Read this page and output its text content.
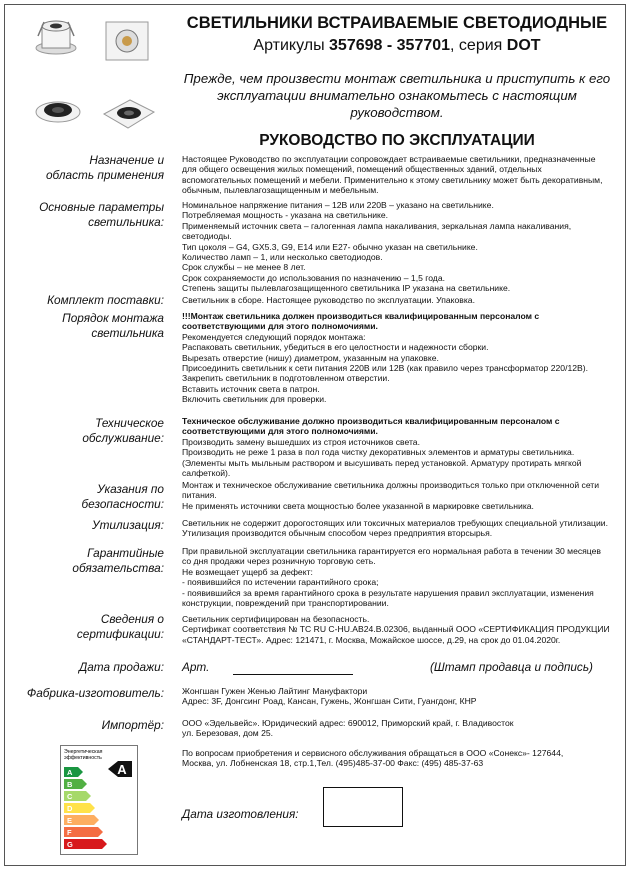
СВЕТИЛЬНИКИ ВСТРАИВАЕМЫЕ СВЕТОДИОДНЫЕ
Артикулы 357698 - 357701, серия DOT
Прежде, чем произвести монтаж светильника и приступить к его эксплуатации внимательно ознакомьтесь с настоящим руководством.
РУКОВОДСТВО ПО ЭКСПЛУАТАЦИИ
Назначение и область применения

Настоящее Руководство по эксплуатации сопровождает встраиваемые светильники, предназначенные для общего освещения жилых помещений, помещений общественных зданий, отдельных вспомогательных помещений и мебели. Применительно к этому светильнику может быть декоративным, обычным, пылевлагозащищенным и мебельным.

Основные параметры светильника:

Номинальное напряжение питания – 12В или 220В – указано на светильнике.

Потребляемая мощность - указана на светильнике.

Применяемый источник света – галогенная лампа накаливания, зеркальная лампа накаливания, светодиоды.

Тип цоколя – G4, GX5.3, G9, E14 или E27- обычно указан на светильнике.

Количество ламп – 1, или несколько светодиодов.

Срок службы – не менее 8 лет.

Срок сохраняемости до использования по назначению – 1,5 года.

Степень защиты пылевлагозащищенного светильника IP указана на светильнике.

Комплект поставки: Светильник в сборе. Настоящее руководство по эксплуатации. Упаковка.

Порядок монтажа светильника

!!!Монтаж светильника должен производиться квалифицированным персоналом с соответствующими для этого полномочиями.

Рекомендуется следующий порядок монтажа:

Распаковать светильник, убедиться в его целостности и надежности сборки.

Вырезать отверстие (нишу) диаметром, указанным на упаковке.

Присоединить светильник к сети питания 220В или 12В (как правило через трансформатор 220/12В).

Закрепить светильник в подготовленном отверстии.

Вставить источник света в патрон.

Включить светильник для проверки.

Техническое обслуживание:

Техническое обслуживание должно производиться квалифицированным персоналом с соответствующими для этого полномочиями.

Производить замену вышедших из строя источников света.

Производить не реже 1 раза в пол года чистку декоративных элементов и арматуры светильника. (Элементы мыть мыльным раствором и высушивать перед установкой. Арматуру протирать мягкой салфеткой).

Указания по безопасности:

Монтаж и техническое обслуживание светильника должны производиться только при отключенной сети питания.

Не применять источники света мощностью более указанной в маркировке светильника.

Утилизация: Светильник не содержит дорогостоящих или токсичных материалов требующих специальной утилизации. Утилизация производится обычным способом через предприятия вторсырья.

Гарантийные обязательства:

При правильной эксплуатации светильника гарантируется его нормальная работа в течении 30 месяцев со дня продажи через розничную торговую сеть.

Не возмещает ущерб за дефект:

- появившийся по истечении гарантийного срока;

- появившийся за время гарантийного срока в результате нарушения правил эксплуатации, изменения конструкции, повреждений при транспортировании.

Сведения о сертификации:

Светильник сертифицирован на безопасность.

Сертификат соответствия № TC RU C-HU.AB24.B.02306, выданный ООО «СЕРТИФИКАЦИЯ ПРОДУКЦИИ «СТАНДАРТ-ТЕСТ». Адрес: 121471, г. Москва, Можайское шоссе, д.29, на срок до 01.04.2020г.

Дата продажи: Арт.	(Штамп продавца и подпись)
Фабрика-изготовитель: Жонгшан Гужен Женью Лайтинг Мануфактори

Адрес: 3F, Донгсинг Роад, Кансан, Гужень, Жонгшан Сити, Гуангдонг, КНР

Импортёр: ООО «Эдельвейс». Юридический адрес: 690012, Приморский край, г. Владивосток ул. Березовая, дом 25.

По вопросам приобретения и сервисного обслуживания обращаться в ООО «Сонекс»- 127644, Москва, ул. Лобненская 18, стр.1,Тел. (495)485-37-00 Факс: (495) 485-37-63

Энергетическая
эффективность
A
B
C
D
E
F
G
A
Дата изготовления:
